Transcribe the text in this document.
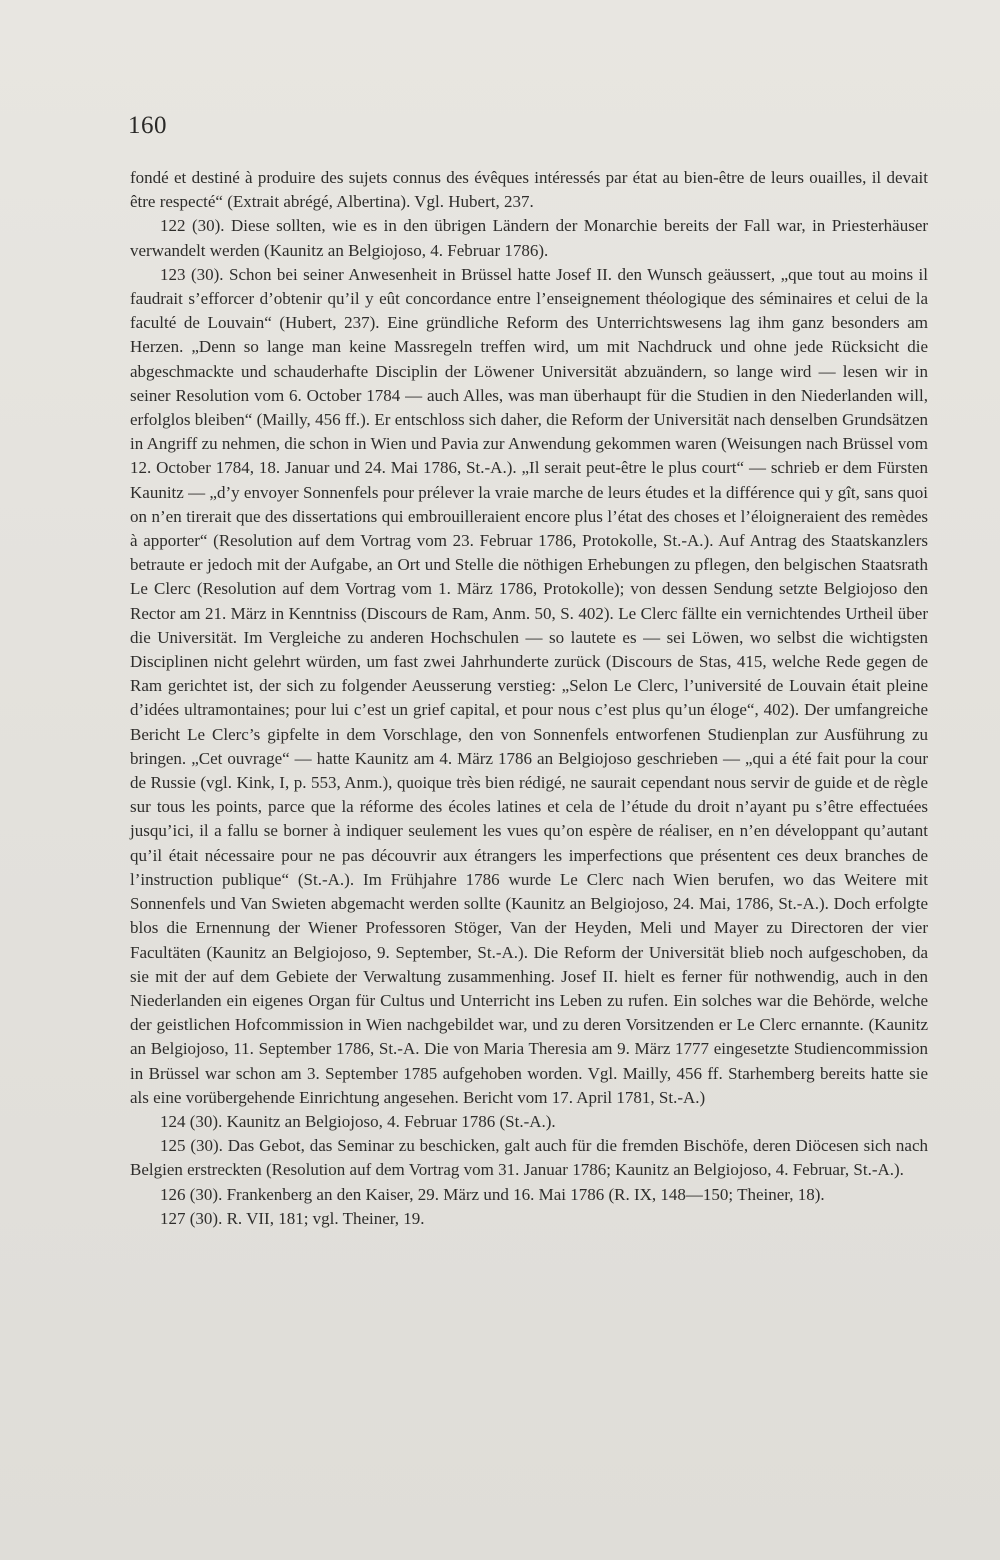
160

fondé et destiné à produire des sujets connus des évêques intéressés par état au bien-être de leurs ouailles, il devait être respecté“ (Extrait abrégé, Albertina). Vgl. Hubert, 237.

122 (30). Diese sollten, wie es in den übrigen Ländern der Monarchie bereits der Fall war, in Priesterhäuser verwandelt werden (Kaunitz an Belgiojoso, 4. Februar 1786).

123 (30). Schon bei seiner Anwesenheit in Brüssel hatte Josef II. den Wunsch geäussert, „que tout au moins il faudrait s’efforcer d’obtenir qu’il y eût concordance entre l’enseignement théologique des séminaires et celui de la faculté de Louvain“ (Hubert, 237). Eine gründliche Reform des Unterrichtswesens lag ihm ganz besonders am Herzen. „Denn so lange man keine Massregeln treffen wird, um mit Nachdruck und ohne jede Rücksicht die abgeschmackte und schauderhafte Disciplin der Löwener Universität abzuändern, so lange wird — lesen wir in seiner Resolution vom 6. October 1784 — auch Alles, was man überhaupt für die Studien in den Niederlanden will, erfolglos bleiben“ (Mailly, 456 ff.). Er entschloss sich daher, die Reform der Universität nach denselben Grundsätzen in Angriff zu nehmen, die schon in Wien und Pavia zur Anwendung gekommen waren (Weisungen nach Brüssel vom 12. October 1784, 18. Januar und 24. Mai 1786, St.-A.). „Il serait peut-être le plus court“ — schrieb er dem Fürsten Kaunitz — „d’y envoyer Sonnenfels pour prélever la vraie marche de leurs études et la différence qui y gît, sans quoi on n’en tirerait que des dissertations qui embrouilleraient encore plus l’état des choses et l’éloigneraient des remèdes à apporter“ (Resolution auf dem Vortrag vom 23. Februar 1786, Protokolle, St.-A.). Auf Antrag des Staatskanzlers betraute er jedoch mit der Aufgabe, an Ort und Stelle die nöthigen Erhebungen zu pflegen, den belgischen Staatsrath Le Clerc (Resolution auf dem Vortrag vom 1. März 1786, Protokolle); von dessen Sendung setzte Belgiojoso den Rector am 21. März in Kenntniss (Discours de Ram, Anm. 50, S. 402). Le Clerc fällte ein vernichtendes Urtheil über die Universität. Im Vergleiche zu anderen Hochschulen — so lautete es — sei Löwen, wo selbst die wichtigsten Disciplinen nicht gelehrt würden, um fast zwei Jahrhunderte zurück (Discours de Stas, 415, welche Rede gegen de Ram gerichtet ist, der sich zu folgender Aeusserung verstieg: „Selon Le Clerc, l’université de Louvain était pleine d’idées ultramontaines; pour lui c’est un grief capital, et pour nous c’est plus qu’un éloge“, 402). Der umfangreiche Bericht Le Clerc’s gipfelte in dem Vorschlage, den von Sonnenfels entworfenen Studienplan zur Ausführung zu bringen. „Cet ouvrage“ — hatte Kaunitz am 4. März 1786 an Belgiojoso geschrieben — „qui a été fait pour la cour de Russie (vgl. Kink, I, p. 553, Anm.), quoique très bien rédigé, ne saurait cependant nous servir de guide et de règle sur tous les points, parce que la réforme des écoles latines et cela de l’étude du droit n’ayant pu s’être effectuées jusqu’ici, il a fallu se borner à indiquer seulement les vues qu’on espère de réaliser, en n’en développant qu’autant qu’il était nécessaire pour ne pas découvrir aux étrangers les imperfections que présentent ces deux branches de l’instruction publique“ (St.-A.). Im Frühjahre 1786 wurde Le Clerc nach Wien berufen, wo das Weitere mit Sonnenfels und Van Swieten abgemacht werden sollte (Kaunitz an Belgiojoso, 24. Mai, 1786, St.-A.). Doch erfolgte blos die Ernennung der Wiener Professoren Stöger, Van der Heyden, Meli und Mayer zu Directoren der vier Facultäten (Kaunitz an Belgiojoso, 9. September, St.-A.). Die Reform der Universität blieb noch aufgeschoben, da sie mit der auf dem Gebiete der Verwaltung zusammenhing. Josef II. hielt es ferner für nothwendig, auch in den Niederlanden ein eigenes Organ für Cultus und Unterricht ins Leben zu rufen. Ein solches war die Behörde, welche der geistlichen Hofcommission in Wien nachgebildet war, und zu deren Vorsitzenden er Le Clerc ernannte. (Kaunitz an Belgiojoso, 11. September 1786, St.-A. Die von Maria Theresia am 9. März 1777 eingesetzte Studiencommission in Brüssel war schon am 3. September 1785 aufgehoben worden. Vgl. Mailly, 456 ff. Starhemberg bereits hatte sie als eine vorübergehende Einrichtung angesehen. Bericht vom 17. April 1781, St.-A.)

124 (30). Kaunitz an Belgiojoso, 4. Februar 1786 (St.-A.).

125 (30). Das Gebot, das Seminar zu beschicken, galt auch für die fremden Bischöfe, deren Diöcesen sich nach Belgien erstreckten (Resolution auf dem Vortrag vom 31. Januar 1786; Kaunitz an Belgiojoso, 4. Februar, St.-A.).

126 (30). Frankenberg an den Kaiser, 29. März und 16. Mai 1786 (R. IX, 148—150; Theiner, 18).

127 (30). R. VII, 181; vgl. Theiner, 19.
